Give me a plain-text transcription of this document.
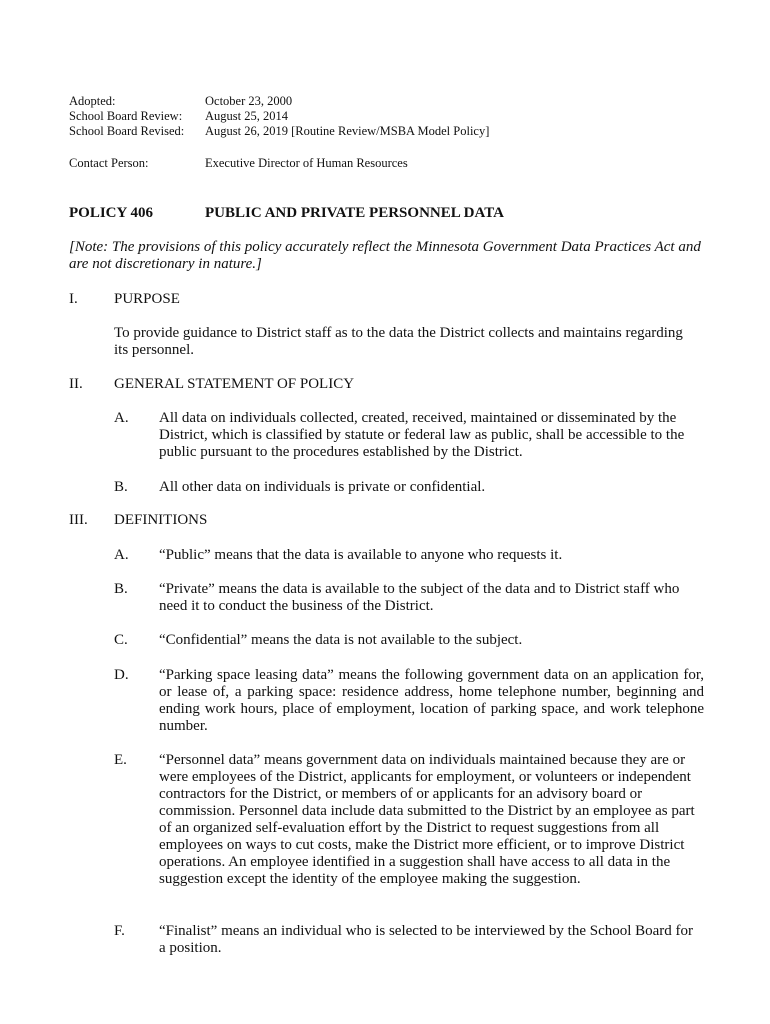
Adopted:	October 23, 2000
School Board Review: August 25, 2014
School Board Revised: August 26, 2019 [Routine Review/MSBA Model Policy]
Contact Person:	Executive Director of Human Resources
POLICY 406	PUBLIC AND PRIVATE PERSONNEL DATA
[Note: The provisions of this policy accurately reflect the Minnesota Government Data Practices Act and are not discretionary in nature.]
I. PURPOSE
To provide guidance to District staff as to the data the District collects and maintains regarding its personnel.
II. GENERAL STATEMENT OF POLICY
A. All data on individuals collected, created, received, maintained or disseminated by the District, which is classified by statute or federal law as public, shall be accessible to the public pursuant to the procedures established by the District.
B. All other data on individuals is private or confidential.
III. DEFINITIONS
A. “Public” means that the data is available to anyone who requests it.
B. “Private” means the data is available to the subject of the data and to District staff who need it to conduct the business of the District.
C. “Confidential” means the data is not available to the subject.
D. “Parking space leasing data” means the following government data on an application for, or lease of, a parking space: residence address, home telephone number, beginning and ending work hours, place of employment, location of parking space, and work telephone number.
E. “Personnel data” means government data on individuals maintained because they are or were employees of the District, applicants for employment, or volunteers or independent contractors for the District, or members of or applicants for an advisory board or commission. Personnel data include data submitted to the District by an employee as part of an organized self-evaluation effort by the District to request suggestions from all employees on ways to cut costs, make the District more efficient, or to improve District operations. An employee identified in a suggestion shall have access to all data in the suggestion except the identity of the employee making the suggestion.
F. “Finalist” means an individual who is selected to be interviewed by the School Board for a position.
